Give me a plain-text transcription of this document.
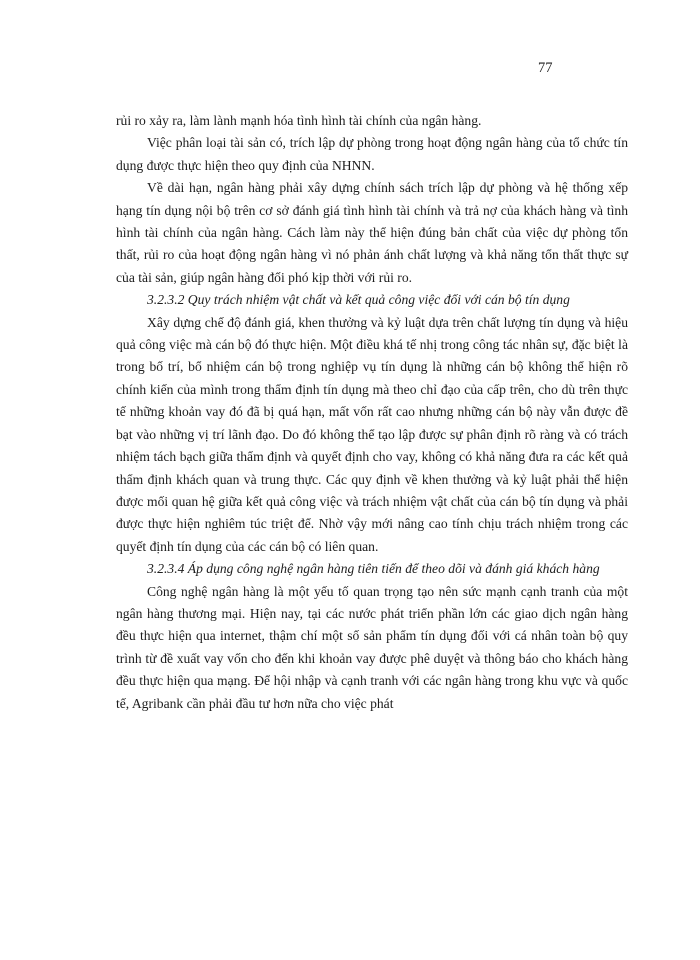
77

rủi ro xảy ra, làm lành mạnh hóa tình hình tài chính của ngân hàng.

Việc phân loại tài sản có, trích lập dự phòng trong hoạt động ngân hàng của tổ chức tín dụng được thực hiện theo quy định của NHNN.

Về dài hạn, ngân hàng phải xây dựng chính sách trích lập dự phòng và hệ thống xếp hạng tín dụng nội bộ trên cơ sở đánh giá tình hình tài chính và trả nợ của khách hàng và tình hình tài chính của ngân hàng. Cách làm này thể hiện đúng bản chất của việc dự phòng tổn thất, rủi ro của hoạt động ngân hàng vì nó phản ánh chất lượng và khả năng tổn thất thực sự của tài sản, giúp ngân hàng đối phó kịp thời với rủi ro.

3.2.3.2 Quy trách nhiệm vật chất và kết quả công việc đối với cán bộ tín dụng

Xây dựng chế độ đánh giá, khen thưởng và kỷ luật dựa trên chất lượng tín dụng và hiệu quả công việc mà cán bộ đó thực hiện. Một điều khá tế nhị trong công tác nhân sự, đặc biệt là trong bố trí, bổ nhiệm cán bộ trong nghiệp vụ tín dụng là những cán bộ không thể hiện rõ chính kiến của mình trong thẩm định tín dụng mà theo chỉ đạo của cấp trên, cho dù trên thực tế những khoản vay đó đã bị quá hạn, mất vốn rất cao nhưng những cán bộ này vẫn được đề bạt vào những vị trí lãnh đạo. Do đó không thể tạo lập được sự phân định rõ ràng và có trách nhiệm tách bạch giữa thẩm định và quyết định cho vay, không có khả năng đưa ra các kết quả thẩm định khách quan và trung thực. Các quy định về khen thưởng và kỷ luật phải thể hiện được mối quan hệ giữa kết quả công việc và trách nhiệm vật chất của cán bộ tín dụng và phải được thực hiện nghiêm túc triệt để. Nhờ vậy mới nâng cao tính chịu trách nhiệm trong các quyết định tín dụng của các cán bộ có liên quan.

3.2.3.4 Áp dụng công nghệ ngân hàng tiên tiến để theo dõi và đánh giá khách hàng

Công nghệ ngân hàng là một yếu tố quan trọng tạo nên sức mạnh cạnh tranh của một ngân hàng thương mại. Hiện nay, tại các nước phát triển phần lớn các giao dịch ngân hàng đều thực hiện qua internet, thậm chí một số sản phẩm tín dụng đối với cá nhân toàn bộ quy trình từ đề xuất vay vốn cho đến khi khoản vay được phê duyệt và thông báo cho khách hàng đều thực hiện qua mạng. Để hội nhập và cạnh tranh với các ngân hàng trong khu vực và quốc tế, Agribank cần phải đầu tư hơn nữa cho việc phát
